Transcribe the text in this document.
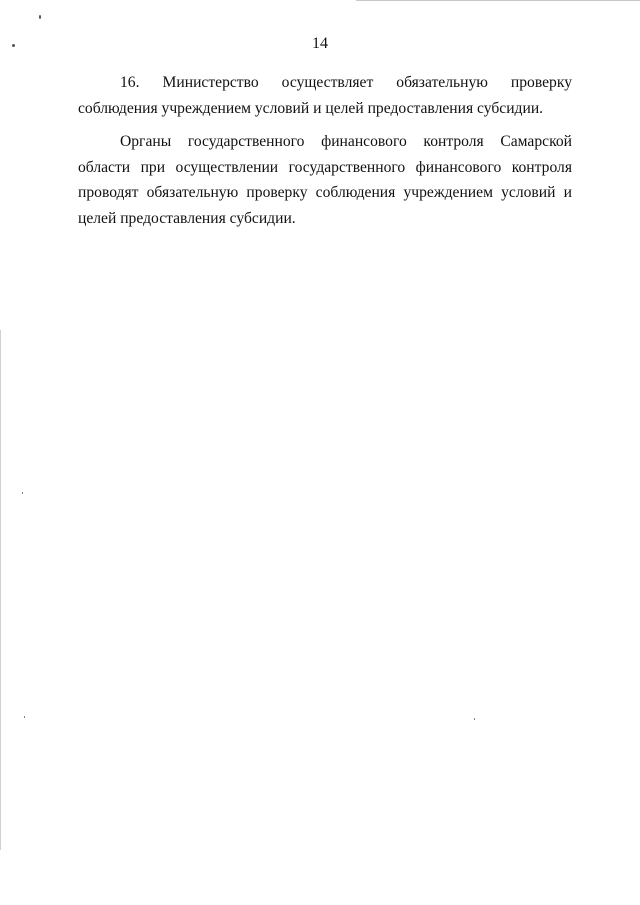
14

16. Министерство осуществляет обязательную проверку соблюдения учреждением условий и целей предоставления субсидии.

Органы государственного финансового контроля Самарской области при осуществлении государственного финансового контроля проводят обязательную проверку соблюдения учреждением условий и целей предоставления субсидии.
